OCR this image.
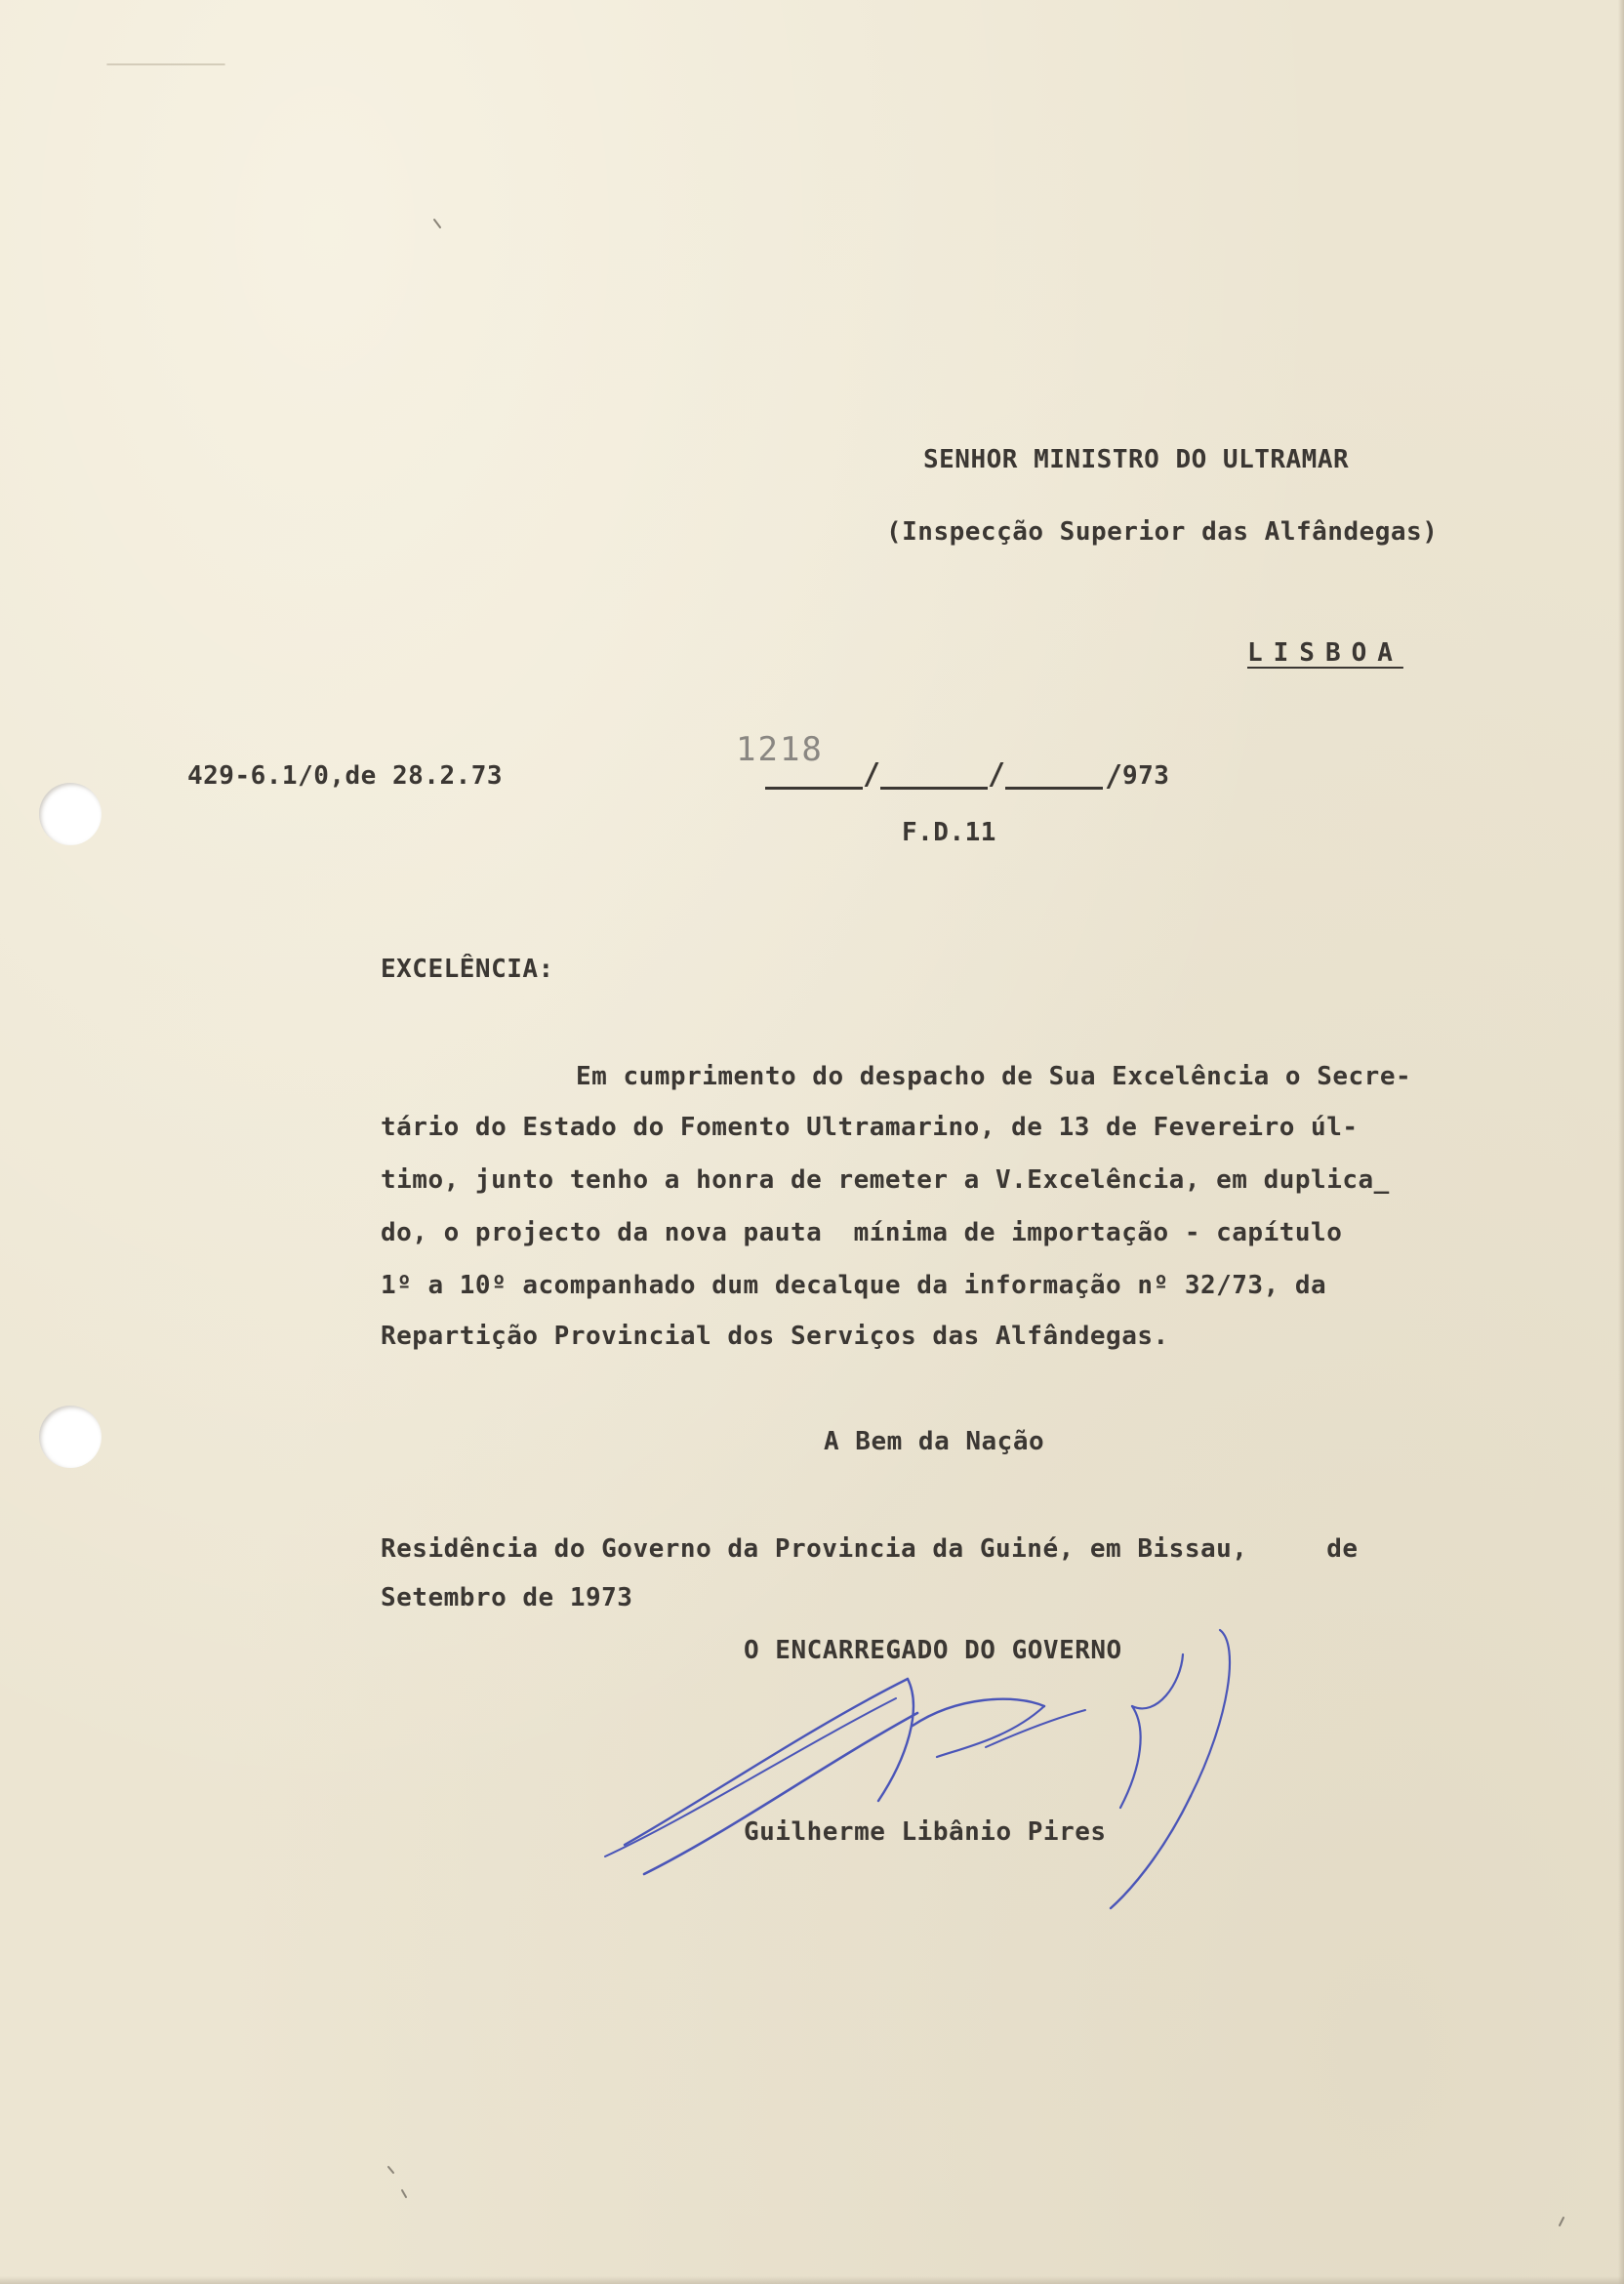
SENHOR MINISTRO DO ULTRAMAR

(Inspecção Superior das Alfândegas)

LISBOA

429-6.1/0,de 28.2.73

1218

/	/	/ 973

F.D.11

EXCELÊNCIA:

Em cumprimento do despacho de Sua Excelência o Secre-

tário do Estado do Fomento Ultramarino, de 13 de Fevereiro úl-

timo, junto tenho a honra de remeter a V.Excelência, em duplica_

do, o projecto da nova pauta  mínima de importação - capítulo

1º a 10º acompanhado dum decalque da informação nº 32/73, da

Repartição Provincial dos Serviços das Alfândegas.

A Bem da Nação

Residência do Governo da Provincia da Guiné, em Bissau,     de

Setembro de 1973

O ENCARREGADO DO GOVERNO

Guilherme Libânio Pires
